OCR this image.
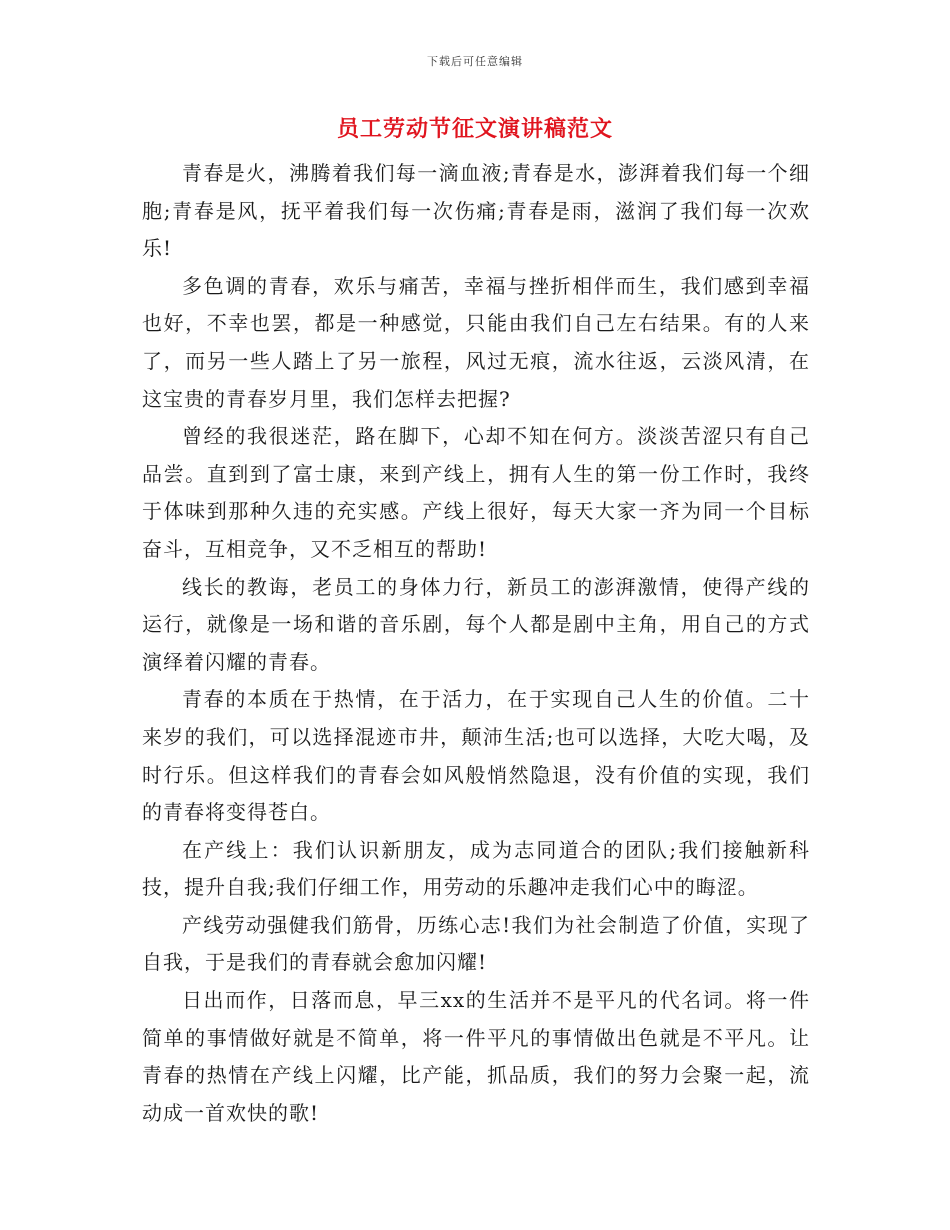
下载后可任意编辑
员工劳动节征文演讲稿范文

青春是火，沸腾着我们每一滴血液;青春是水，澎湃着我们每一个细胞;青春是风，抚平着我们每一次伤痛;青春是雨，滋润了我们每一次欢乐!

多色调的青春，欢乐与痛苦，幸福与挫折相伴而生，我们感到幸福也好，不幸也罢，都是一种感觉，只能由我们自己左右结果。有的人来了，而另一些人踏上了另一旅程，风过无痕，流水往返，云淡风清，在这宝贵的青春岁月里，我们怎样去把握?

曾经的我很迷茫，路在脚下，心却不知在何方。淡淡苦涩只有自己品尝。直到到了富士康，来到产线上，拥有人生的第一份工作时，我终于体味到那种久违的充实感。产线上很好，每天大家一齐为同一个目标奋斗，互相竞争，又不乏相互的帮助!

线长的教诲，老员工的身体力行，新员工的澎湃激情，使得产线的运行，就像是一场和谐的音乐剧，每个人都是剧中主角，用自己的方式演绎着闪耀的青春。

青春的本质在于热情，在于活力，在于实现自己人生的价值。二十来岁的我们，可以选择混迹市井，颠沛生活;也可以选择，大吃大喝，及时行乐。但这样我们的青春会如风般悄然隐退，没有价值的实现，我们的青春将变得苍白。

在产线上：我们认识新朋友，成为志同道合的团队;我们接触新科技，提升自我;我们仔细工作，用劳动的乐趣冲走我们心中的晦涩。

产线劳动强健我们筋骨，历练心志!我们为社会制造了价值，实现了自我，于是我们的青春就会愈加闪耀!

日出而作，日落而息，早三xx的生活并不是平凡的代名词。将一件简单的事情做好就是不简单，将一件平凡的事情做出色就是不平凡。让青春的热情在产线上闪耀，比产能，抓品质，我们的努力会聚一起，流动成一首欢快的歌!
